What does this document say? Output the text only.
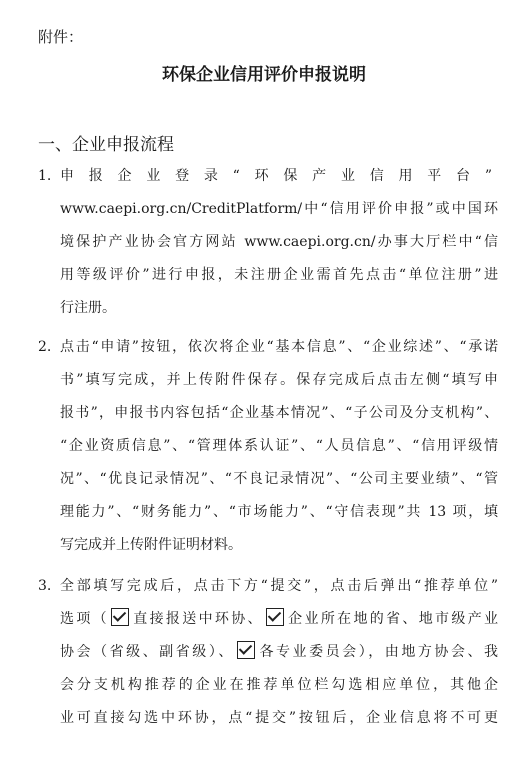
附件：
环保企业信用评价申报说明
一、企业申报流程
1. 申报企业登录“环保产业信用平台”
www.caepi.org.cn/CreditPlatform/中“信用评价申报”或中国环
境保护产业协会官方网站 www.caepi.org.cn/办事大厅栏中“信
用等级评价”进行申报，未注册企业需首先点击“单位注册”进
行注册。
2. 点击“申请”按钮，依次将企业“基本信息”、“企业综述”、“承诺
书”填写完成，并上传附件保存。保存完成后点击左侧“填写申
报书”，申报书内容包括“企业基本情况”、“子公司及分支机构”、
“企业资质信息”、“管理体系认证”、“人员信息”、“信用评级情
况”、“优良记录情况”、“不良记录情况”、“公司主要业绩”、“管
理能力”、“财务能力”、“市场能力”、“守信表现”共 13 项，填
写完成并上传附件证明材料。
3. 全部填写完成后，点击下方“提交”，点击后弹出“推荐单位”
选项（ 直接报送中环协、 企业所在地的省、地市级产业
协会（省级、副省级）、 各专业委员会），由地方协会、我
会分支机构推荐的企业在推荐单位栏勾选相应单位，其他企
业可直接勾选中环协，点“提交”按钮后，企业信息将不可更
